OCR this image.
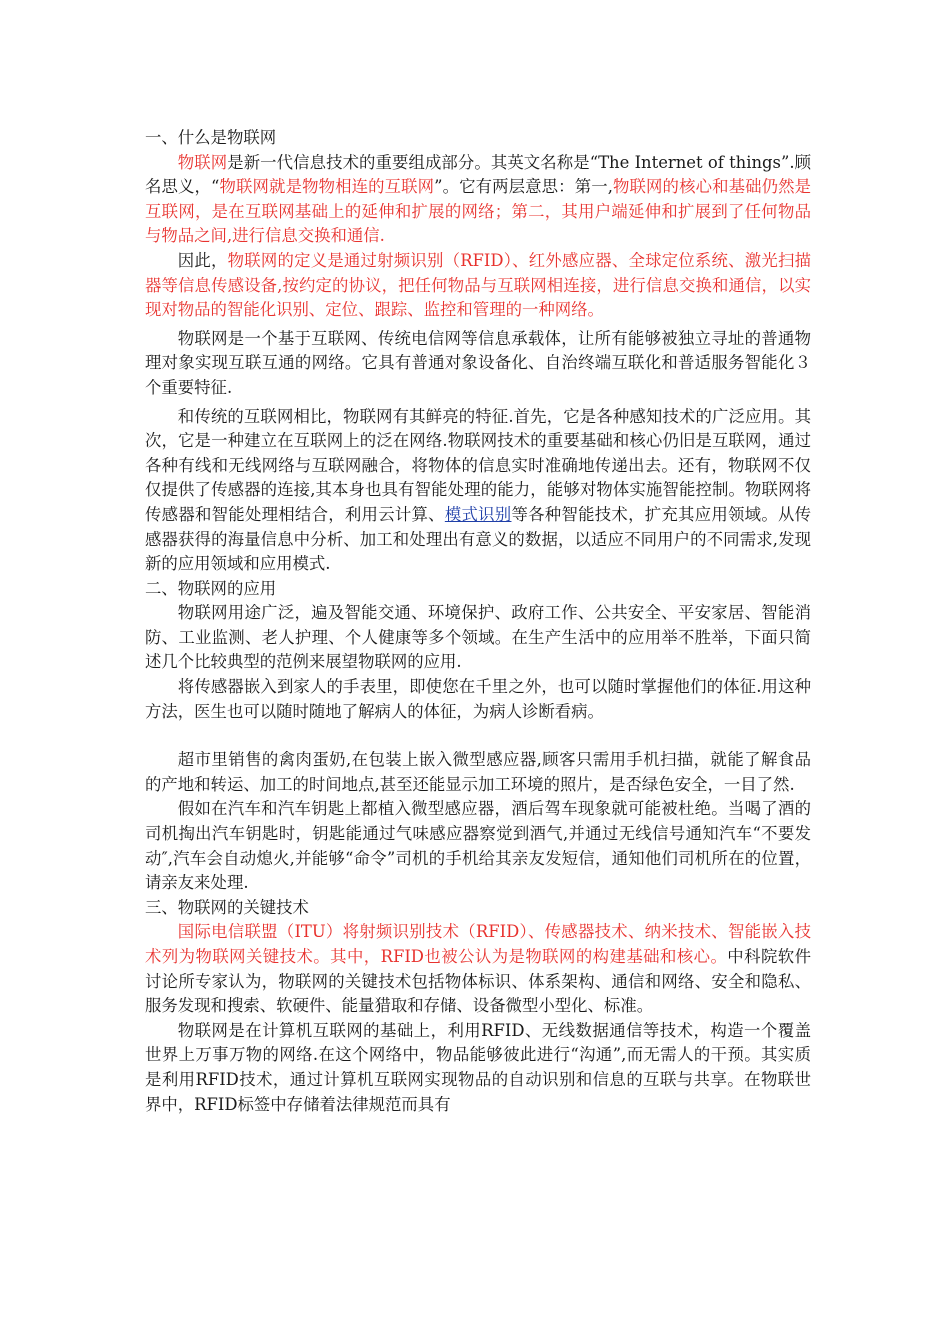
一、什么是物联网

物联网是新一代信息技术的重要组成部分。其英文名称是“The Internet of things”.顾名思义，“物联网就是物物相连的互联网”。它有两层意思：第一,物联网的核心和基础仍然是互联网，是在互联网基础上的延伸和扩展的网络；第二，其用户端延伸和扩展到了任何物品与物品之间,进行信息交换和通信.

因此，物联网的定义是通过射频识别（RFID）、红外感应器、全球定位系统、激光扫描器等信息传感设备,按约定的协议，把任何物品与互联网相连接，进行信息交换和通信，以实现对物品的智能化识别、定位、跟踪、监控和管理的一种网络。

物联网是一个基于互联网、传统电信网等信息承载体，让所有能够被独立寻址的普通物理对象实现互联互通的网络。它具有普通对象设备化、自治终端互联化和普适服务智能化３个重要特征.

和传统的互联网相比，物联网有其鲜亮的特征.首先，它是各种感知技术的广泛应用。其次，它是一种建立在互联网上的泛在网络.物联网技术的重要基础和核心仍旧是互联网，通过各种有线和无线网络与互联网融合，将物体的信息实时准确地传递出去。还有，物联网不仅仅提供了传感器的连接,其本身也具有智能处理的能力，能够对物体实施智能控制。物联网将传感器和智能处理相结合，利用云计算、模式识别等各种智能技术，扩充其应用领域。从传感器获得的海量信息中分析、加工和处理出有意义的数据，以适应不同用户的不同需求,发现新的应用领域和应用模式.

二、物联网的应用

物联网用途广泛，遍及智能交通、环境保护、政府工作、公共安全、平安家居、智能消防、工业监测、老人护理、个人健康等多个领域。在生产生活中的应用举不胜举，下面只简述几个比较典型的范例来展望物联网的应用.

将传感器嵌入到家人的手表里，即使您在千里之外，也可以随时掌握他们的体征.用这种方法，医生也可以随时随地了解病人的体征，为病人诊断看病。

超市里销售的禽肉蛋奶,在包装上嵌入微型感应器,顾客只需用手机扫描，就能了解食品的产地和转运、加工的时间地点,甚至还能显示加工环境的照片，是否绿色安全，一目了然.

假如在汽车和汽车钥匙上都植入微型感应器，酒后驾车现象就可能被杜绝。当喝了酒的司机掏出汽车钥匙时，钥匙能通过气味感应器察觉到酒气,并通过无线信号通知汽车“不要发动″,汽车会自动熄火,并能够“命令”司机的手机给其亲友发短信，通知他们司机所在的位置，请亲友来处理.

三、物联网的关键技术

国际电信联盟（ITU）将射频识别技术（RFID）、传感器技术、纳米技术、智能嵌入技术列为物联网关键技术。其中，RFID也被公认为是物联网的构建基础和核心。中科院软件讨论所专家认为，物联网的关键技术包括物体标识、体系架构、通信和网络、安全和隐私、服务发现和搜索、软硬件、能量猎取和存储、设备微型小型化、标准。

物联网是在计算机互联网的基础上，利用RFID、无线数据通信等技术，构造一个覆盖世界上万事万物的网络.在这个网络中，物品能够彼此进行“沟通”,而无需人的干预。其实质是利用RFID技术，通过计算机互联网实现物品的自动识别和信息的互联与共享。在物联世界中，RFID标签中存储着法律规范而具有
